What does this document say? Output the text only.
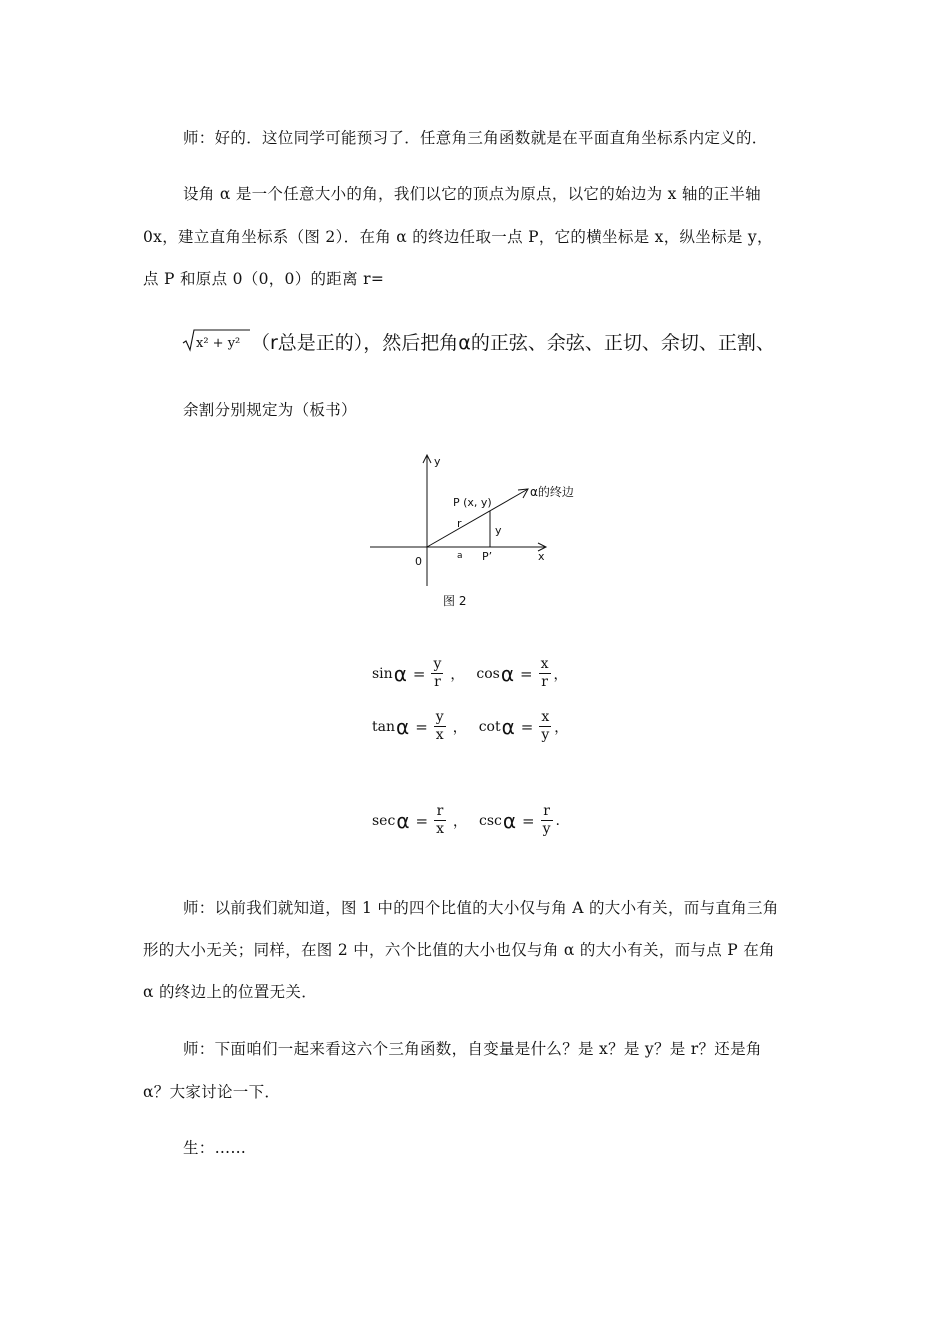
师：好的．这位同学可能预习了．任意角三角函数就是在平面直角坐标系内定义的．
设角 α 是一个任意大小的角，我们以它的顶点为原点，以它的始边为 x 轴的正半轴
0x，建立直角坐标系（图 2）．在角 α 的终边任取一点 P，它的横坐标是 x，纵坐标是 y，
点 P 和原点 0（0，0）的距离 r=
x² + y² （r总是正的），然后把角α的正弦、余弦、正切、余切、正割、
余割分别规定为（板书）
y
x
0
α的终边
P (x, y)
r
y
a P’
图 2
$\sin \alpha = \frac{y}{r}$ ， $\cos \alpha = \frac{x}{r}$ ，
$\tan \alpha = \frac{y}{x}$ ， $\cot \alpha = \frac{x}{y}$ ，
$\sec \alpha = \frac{r}{x}$ ， $\csc \alpha = \frac{r}{y}$ .
师：以前我们就知道，图 1 中的四个比值的大小仅与角 A 的大小有关，而与直角三角
形的大小无关；同样，在图 2 中，六个比值的大小也仅与角 α 的大小有关，而与点 P 在角
α 的终边上的位置无关．
师：下面咱们一起来看这六个三角函数，自变量是什么？是 x？是 y？是 r？还是角
α？大家讨论一下．
生：……
